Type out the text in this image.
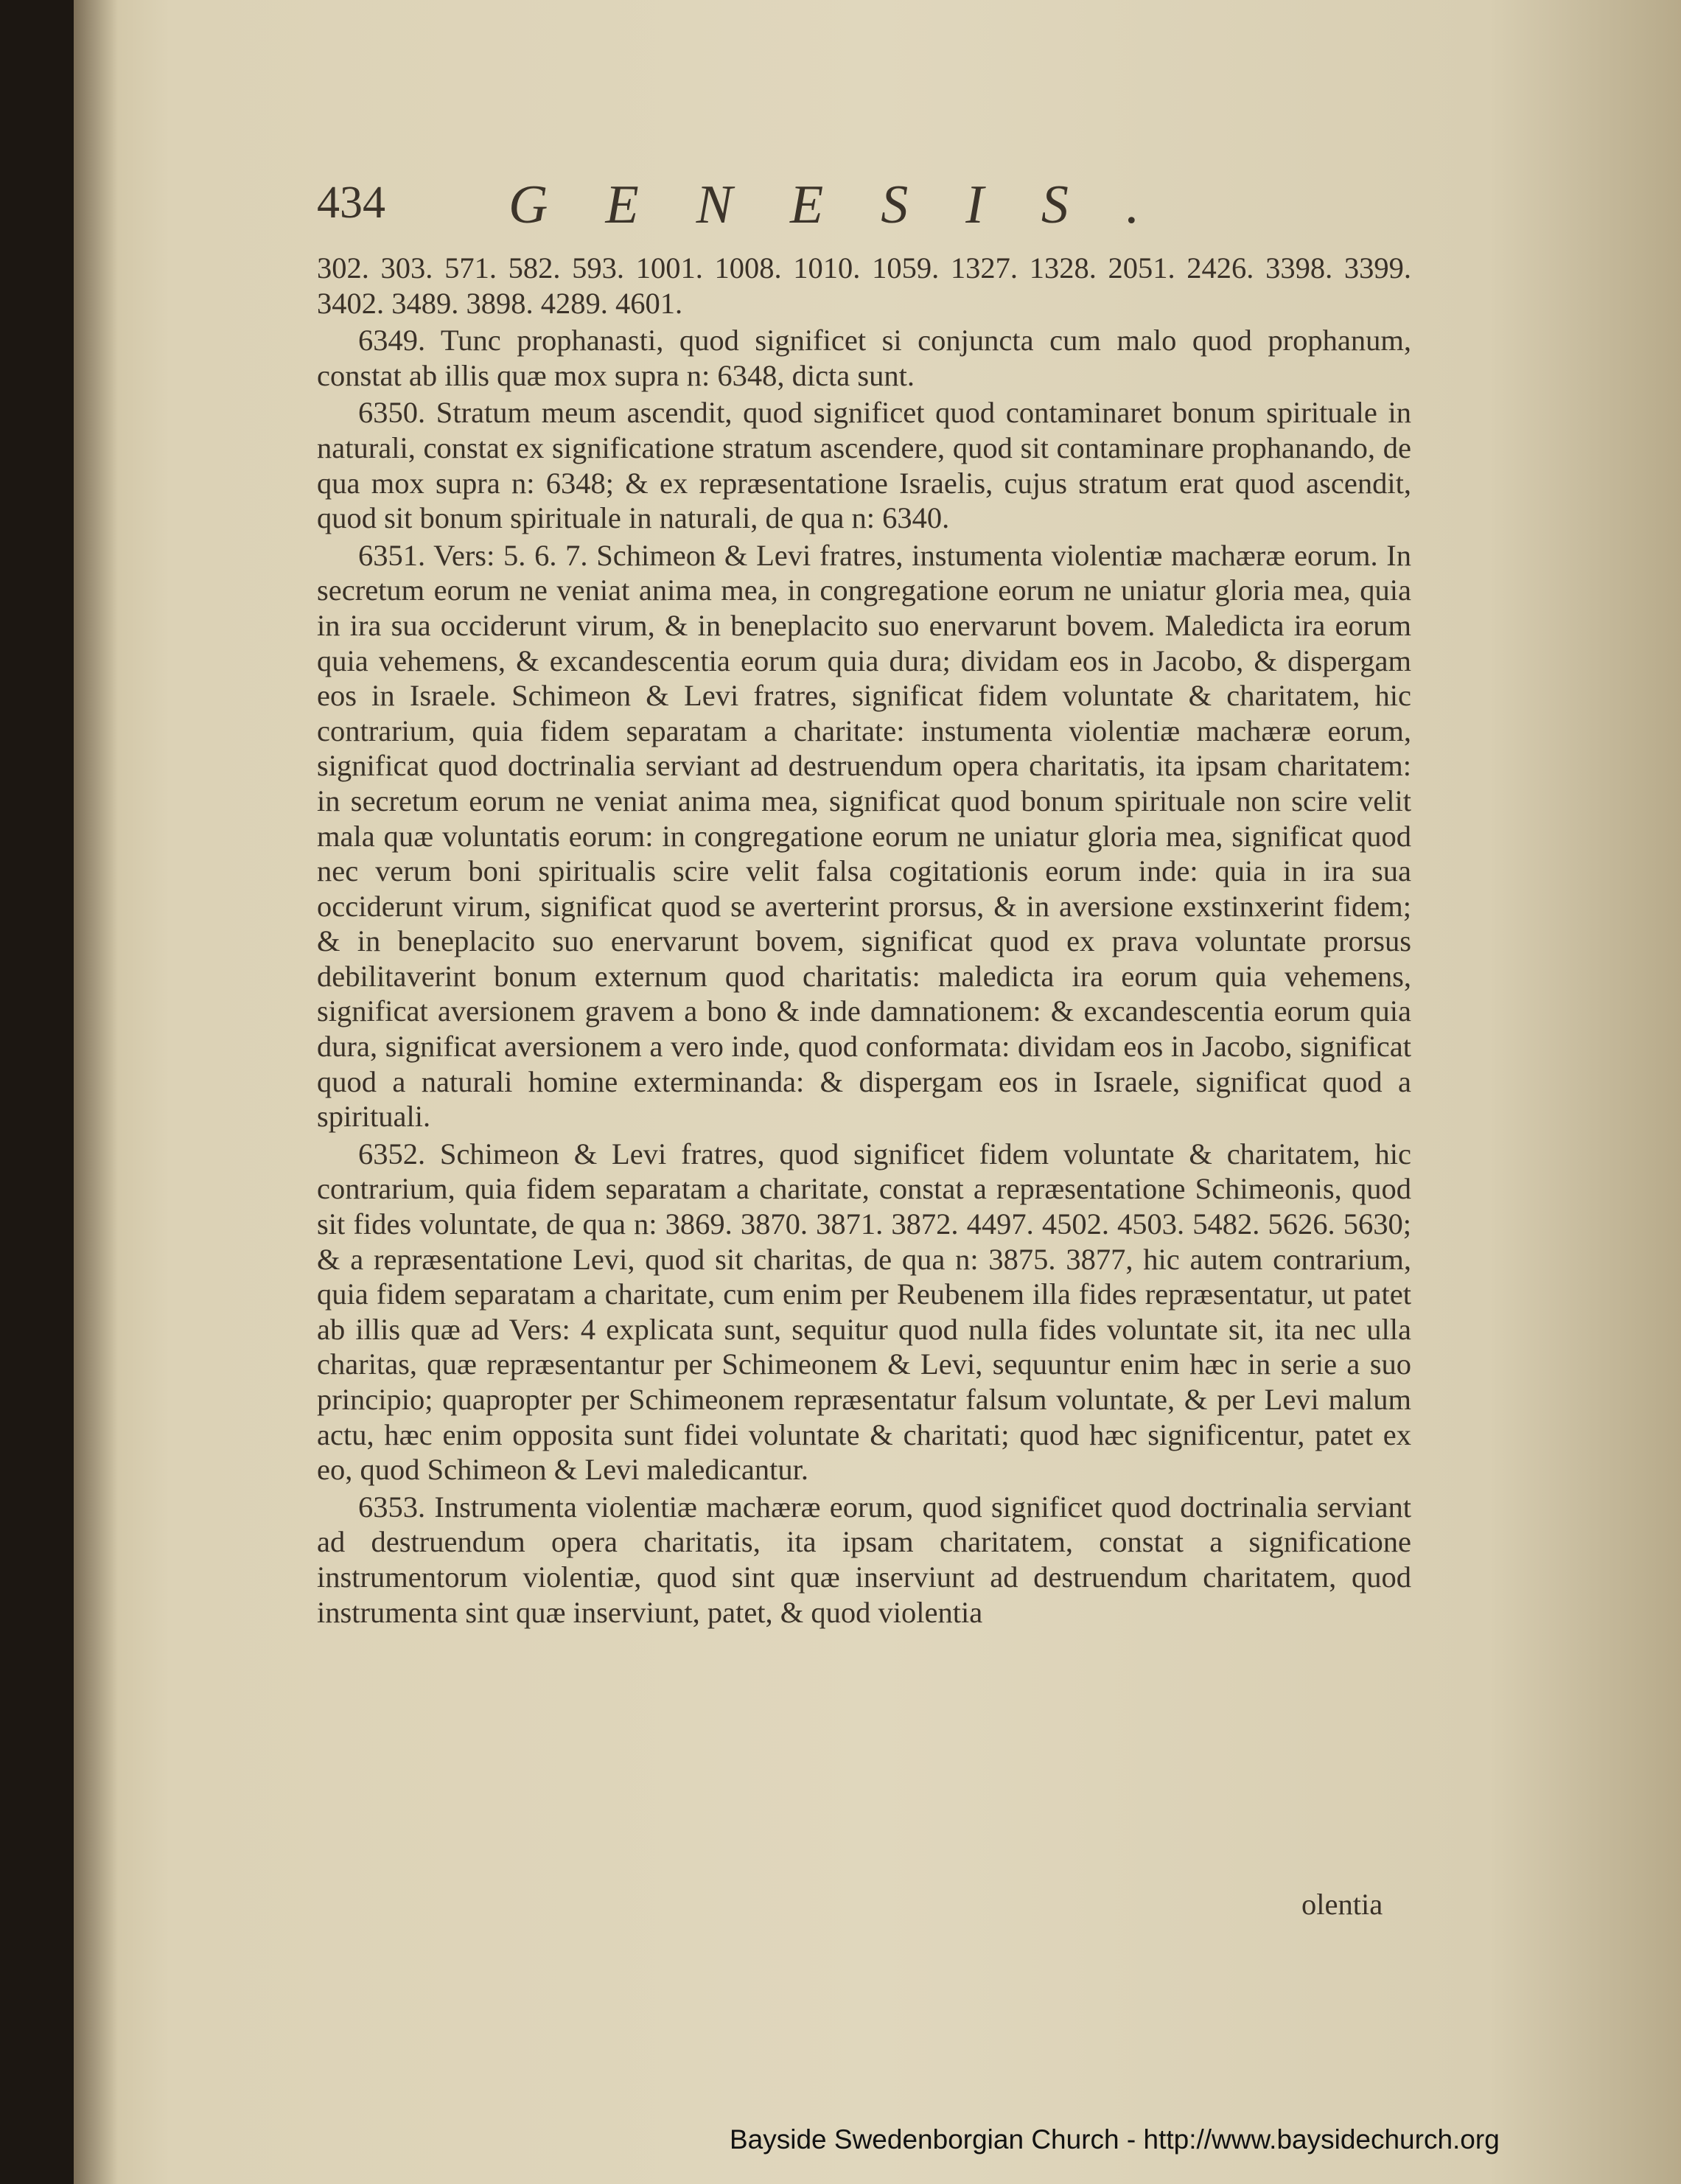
434 GENESIS.

302. 303. 571. 582. 593. 1001. 1008. 1010. 1059. 1327. 1328. 2051. 2426. 3398. 3399. 3402. 3489. 3898. 4289. 4601.

6349. Tunc prophanasti, quod significet si conjuncta cum malo quod prophanum, constat ab illis quæ mox supra n: 6348, dicta sunt.

6350. Stratum meum ascendit, quod significet quod contaminaret bonum spirituale in naturali, constat ex significatione stratum ascendere, quod sit contaminare prophanando, de qua mox supra n: 6348; & ex repræsentatione Israelis, cujus stratum erat quod ascendit, quod sit bonum spirituale in naturali, de qua n: 6340.

6351. Vers: 5. 6. 7. Schimeon & Levi fratres, instumenta violentiæ machæræ eorum. In secretum eorum ne veniat anima mea, in congregatione eorum ne uniatur gloria mea, quia in ira sua occiderunt virum, & in beneplacito suo enervarunt bovem. Maledicta ira eorum quia vehemens, & excandescentia eorum quia dura; dividam eos in Jacobo, & dispergam eos in Israele. Schimeon & Levi fratres, significat fidem voluntate & charitatem, hic contrarium, quia fidem separatam a charitate: instumenta violentiæ machæræ eorum, significat quod doctrinalia serviant ad destruendum opera charitatis, ita ipsam charitatem: in secretum eorum ne veniat anima mea, significat quod bonum spirituale non scire velit mala quæ voluntatis eorum: in congregatione eorum ne uniatur gloria mea, significat quod nec verum boni spiritualis scire velit falsa cogitationis eorum inde: quia in ira sua occiderunt virum, significat quod se averterint prorsus, & in aversione exstinxerint fidem; & in beneplacito suo enervarunt bovem, significat quod ex prava voluntate prorsus debilitaverint bonum externum quod charitatis: maledicta ira eorum quia vehemens, significat aversionem gravem a bono & inde damnationem: & excandescentia eorum quia dura, significat aversionem a vero inde, quod conformata: dividam eos in Jacobo, significat quod a naturali homine exterminanda: & dispergam eos in Israele, significat quod a spirituali.

6352. Schimeon & Levi fratres, quod significet fidem voluntate & charitatem, hic contrarium, quia fidem separatam a charitate, constat a repræsentatione Schimeonis, quod sit fides voluntate, de qua n: 3869. 3870. 3871. 3872. 4497. 4502. 4503. 5482. 5626. 5630; & a repræsentatione Levi, quod sit charitas, de qua n: 3875. 3877, hic autem contrarium, quia fidem separatam a charitate, cum enim per Reubenem illa fides repræsentatur, ut patet ab illis quæ ad Vers: 4 explicata sunt, sequitur quod nulla fides voluntate sit, ita nec ulla charitas, quæ repræsentantur per Schimeonem & Levi, sequuntur enim hæc in serie a suo principio; quapropter per Schimeonem repræsentatur falsum voluntate, & per Levi malum actu, hæc enim opposita sunt fidei voluntate & charitati; quod hæc significentur, patet ex eo, quod Schimeon & Levi maledicantur.

6353. Instrumenta violentiæ machæræ eorum, quod significet quod doctrinalia serviant ad destruendum opera charitatis, ita ipsam charitatem, constat a significatione instrumentorum violentiæ, quod sint quæ inserviunt ad destruendum charitatem, quod instrumenta sint quæ inserviunt, patet, & quod violentia

olentia
Bayside Swedenborgian Church - http://www.baysidechurch.org
